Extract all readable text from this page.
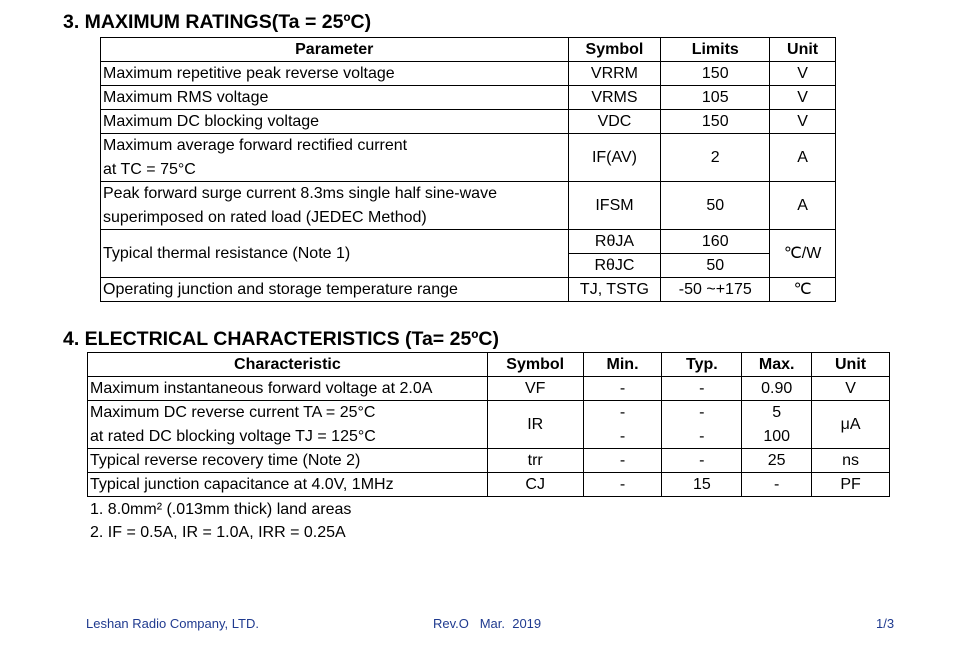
3. MAXIMUM RATINGS(Ta = 25ºC)
Parameter	Symbol	Limits	Unit
Maximum repetitive peak reverse voltage	VRRM	150	V
Maximum RMS voltage	VRMS	105	V
Maximum DC blocking voltage	VDC	150	V

Maximum average forward rectified current
at TC = 75°C	IF(AV)	2	A

Peak forward surge current 8.3ms single half sine-wave
superimposed on rated load (JEDEC Method)	IFSM	50	A
Typical thermal resistance (Note 1)	RθJA	160	℃/W
	RθJC	50	
Operating junction and storage temperature range	TJ, TSTG	-50 ~+175	℃
4. ELECTRICAL CHARACTERISTICS (Ta= 25ºC)
Characteristic	Symbol	Min.	Typ.	Max.	Unit
Maximum instantaneous forward voltage at 2.0A	VF	-	-	0.90	V

Maximum DC reverse current TA = 25°C
at rated DC blocking voltage TJ = 125°C	IR	-	-	5	μA
		-	-	100	
Typical reverse recovery time (Note 2)	trr	-	-	25	ns
Typical junction capacitance at 4.0V, 1MHz	CJ	-	15	-	PF
1. 8.0mm² (.013mm thick) land areas
2. IF = 0.5A, IR = 1.0A, IRR = 0.25A
Leshan Radio Company, LTD.	Rev.O   Mar.  2019	1/3
